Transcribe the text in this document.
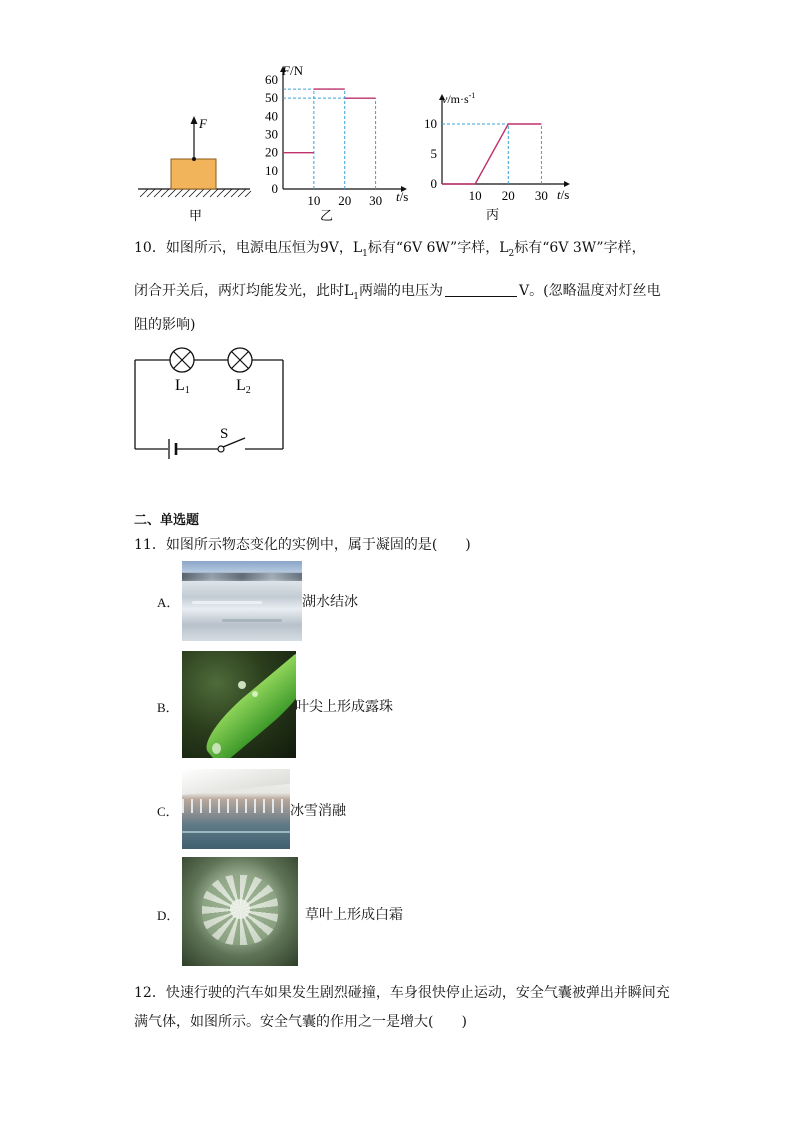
F
甲
0
10
20
30
40
50
60
10 20 30
F/N
t/s
乙
0
5
10
10 20 30
$v/m\cdot s^{-1}$
t/s
丙
10．如图所示，电源电压恒为9V，$L_1$标有“6V 6W”字样，$L_2$标有“6V 3W”字样，
闭合开关后，两灯均能发光，此时$L_1$两端的电压为	V。(忽略温度对灯丝电
阻的影响)
L1	L2
S
二、单选题
11．如图所示物态变化的实例中，属于凝固的是(　　)
A．	湖水结冰
B．	叶尖上形成露珠
C．	冰雪消融
D．	草叶上形成白霜
12．快速行驶的汽车如果发生剧烈碰撞，车身很快停止运动，安全气囊被弹出并瞬间充
满气体，如图所示。安全气囊的作用之一是增大(　　)
